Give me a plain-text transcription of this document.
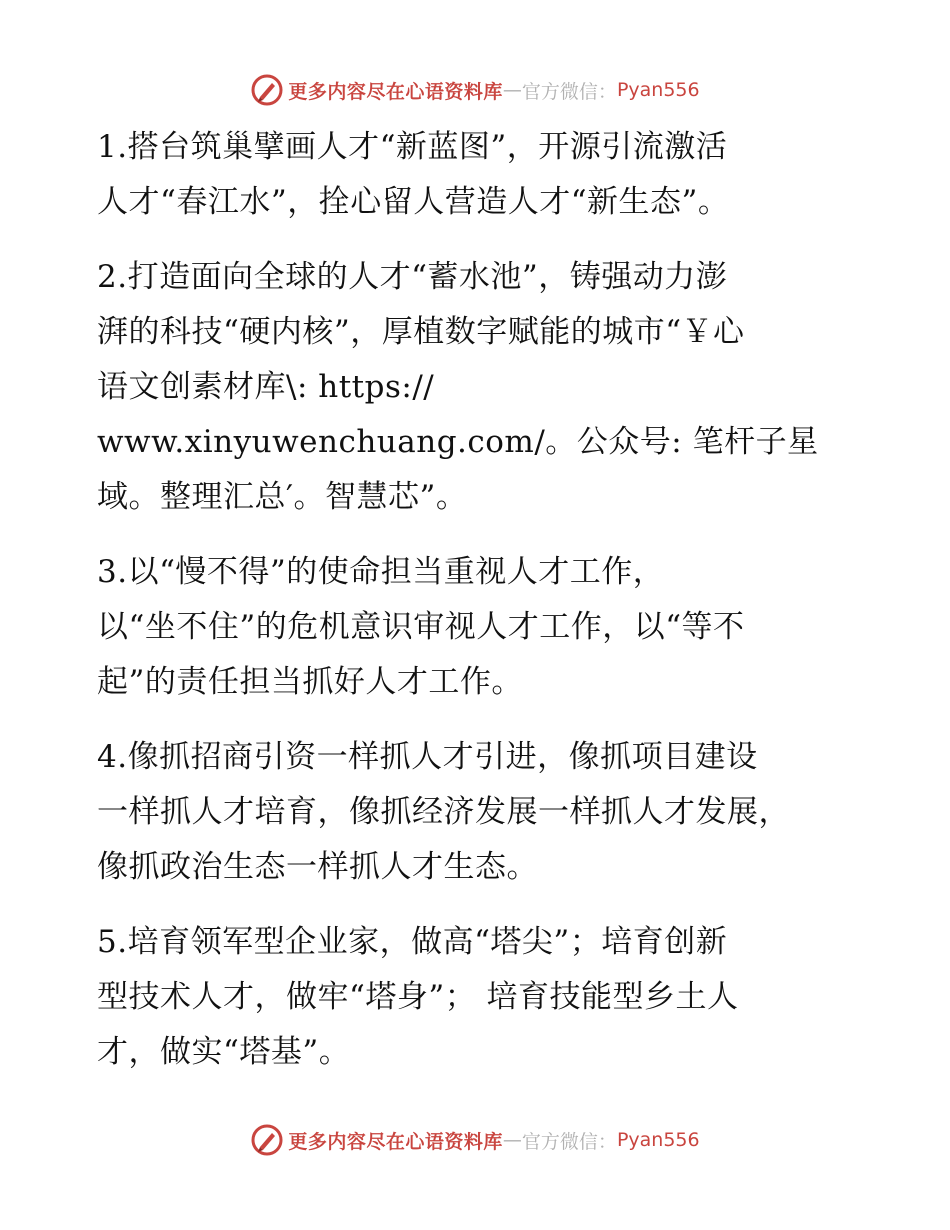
更多内容尽在心语资料库 — 官方微信： Pyan556
1.搭台筑巢擘画人才“新蓝图”，开源引流激活
人才“春江水”，拴心留人营造人才“新生态”。
2.打造面向全球的人才“蓄水池”，铸强动力澎
湃的科技“硬内核”，厚植数字赋能的城市“￥心
语文创素材库\: https://
www.xinyuwenchuang.com/。公众号: 笔杆子星
域。整理汇总′。智慧芯”。
3.以“慢不得”的使命担当重视人才工作，
以“坐不住”的危机意识审视人才工作，以“等不
起”的责任担当抓好人才工作。
4.像抓招商引资一样抓人才引进，像抓项目建设
一样抓人才培育，像抓经济发展一样抓人才发展，
像抓政治生态一样抓人才生态。
5.培育领军型企业家，做高“塔尖”；培育创新
型技术人才，做牢“塔身”； 培育技能型乡土人
才，做实“塔基”。
更多内容尽在心语资料库 — 官方微信： Pyan556
